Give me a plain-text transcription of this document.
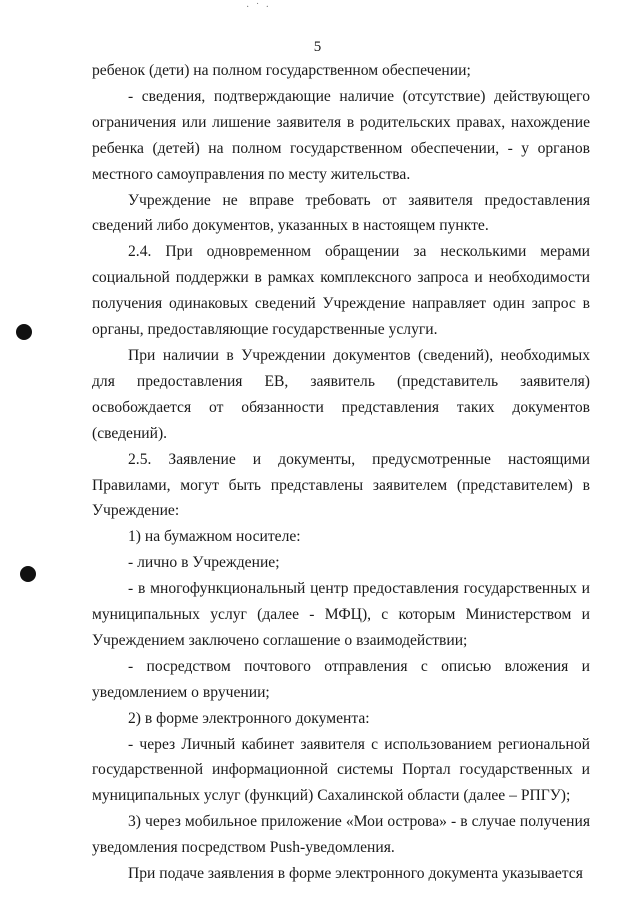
· ˙ ·
5

ребенок (дети) на полном государственном обеспечении;

- сведения, подтверждающие наличие (отсутствие) действующего ограничения или лишение заявителя в родительских правах, нахождение ребенка (детей) на полном государственном обеспечении, - у органов местного самоуправления по месту жительства.

Учреждение не вправе требовать от заявителя предоставления сведений либо документов, указанных в настоящем пункте.

2.4. При одновременном обращении за несколькими мерами социальной поддержки в рамках комплексного запроса и необходимости получения одинаковых сведений Учреждение направляет один запрос в органы, предоставляющие государственные услуги.

При наличии в Учреждении документов (сведений), необходимых для предоставления ЕВ, заявитель (представитель заявителя) освобождается от обязанности представления таких документов (сведений).

2.5. Заявление и документы, предусмотренные настоящими Правилами, могут быть представлены заявителем (представителем) в Учреждение:

1) на бумажном носителе:

- лично в Учреждение;

- в многофункциональный центр предоставления государственных и муниципальных услуг (далее - МФЦ), с которым Министерством и Учреждением заключено соглашение о взаимодействии;

- посредством почтового отправления с описью вложения и уведомлением о вручении;

2) в форме электронного документа:

- через Личный кабинет заявителя с использованием региональной государственной информационной системы Портал государственных и муниципальных услуг (функций) Сахалинской области (далее – РПГУ);

3) через мобильное приложение «Мои острова» - в случае получения уведомления посредством Push-уведомления.

При подаче заявления в форме электронного документа указывается
